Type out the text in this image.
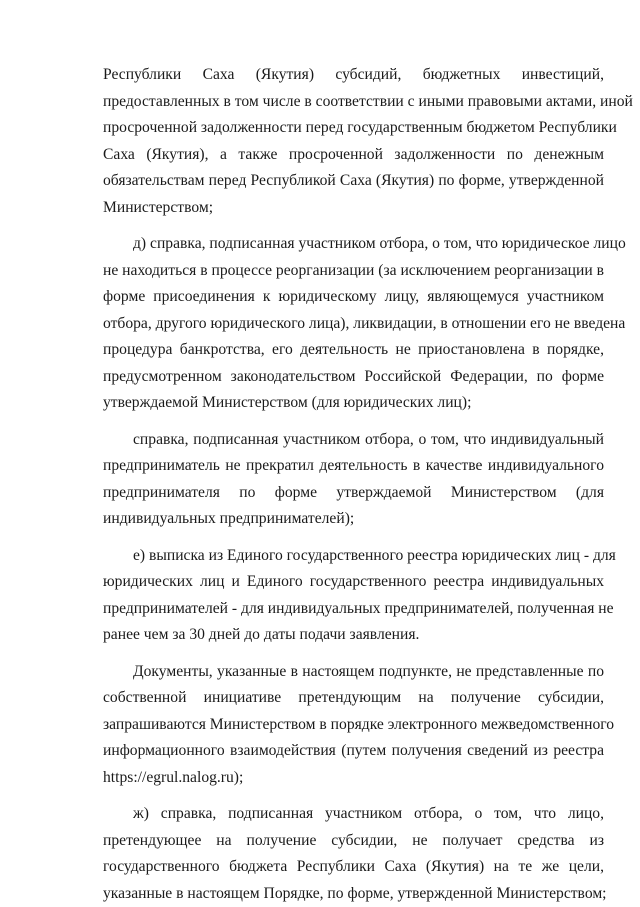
Республики Саха (Якутия) субсидий, бюджетных инвестиций,
предоставленных в том числе в соответствии с иными правовыми актами, иной
просроченной задолженности перед государственным бюджетом Республики
Саха (Якутия), а также просроченной задолженности по денежным
обязательствам перед Республикой Саха (Якутия) по форме, утвержденной
Министерством;
д) справка, подписанная участником отбора, о том, что юридическое лицо
не находиться в процессе реорганизации (за исключением реорганизации в
форме присоединения к юридическому лицу, являющемуся участником
отбора, другого юридического лица), ликвидации, в отношении его не введена
процедура банкротства, его деятельность не приостановлена в порядке,
предусмотренном законодательством Российской Федерации, по форме
утверждаемой Министерством (для юридических лиц);
справка, подписанная участником отбора, о том, что индивидуальный
предприниматель не прекратил деятельность в качестве индивидуального
предпринимателя по форме утверждаемой Министерством (для
индивидуальных предпринимателей);
е) выписка из Единого государственного реестра юридических лиц - для
юридических лиц и Единого государственного реестра индивидуальных
предпринимателей - для индивидуальных предпринимателей, полученная не
ранее чем за 30 дней до даты подачи заявления.
Документы, указанные в настоящем подпункте, не представленные по
собственной инициативе претендующим на получение субсидии,
запрашиваются Министерством в порядке электронного межведомственного
информационного взаимодействия (путем получения сведений из реестра
https://egrul.nalog.ru);
ж) справка, подписанная участником отбора, о том, что лицо,
претендующее на получение субсидии, не получает средства из
государственного бюджета Республики Саха (Якутия) на те же цели,
указанные в настоящем Порядке, по форме, утвержденной Министерством;
